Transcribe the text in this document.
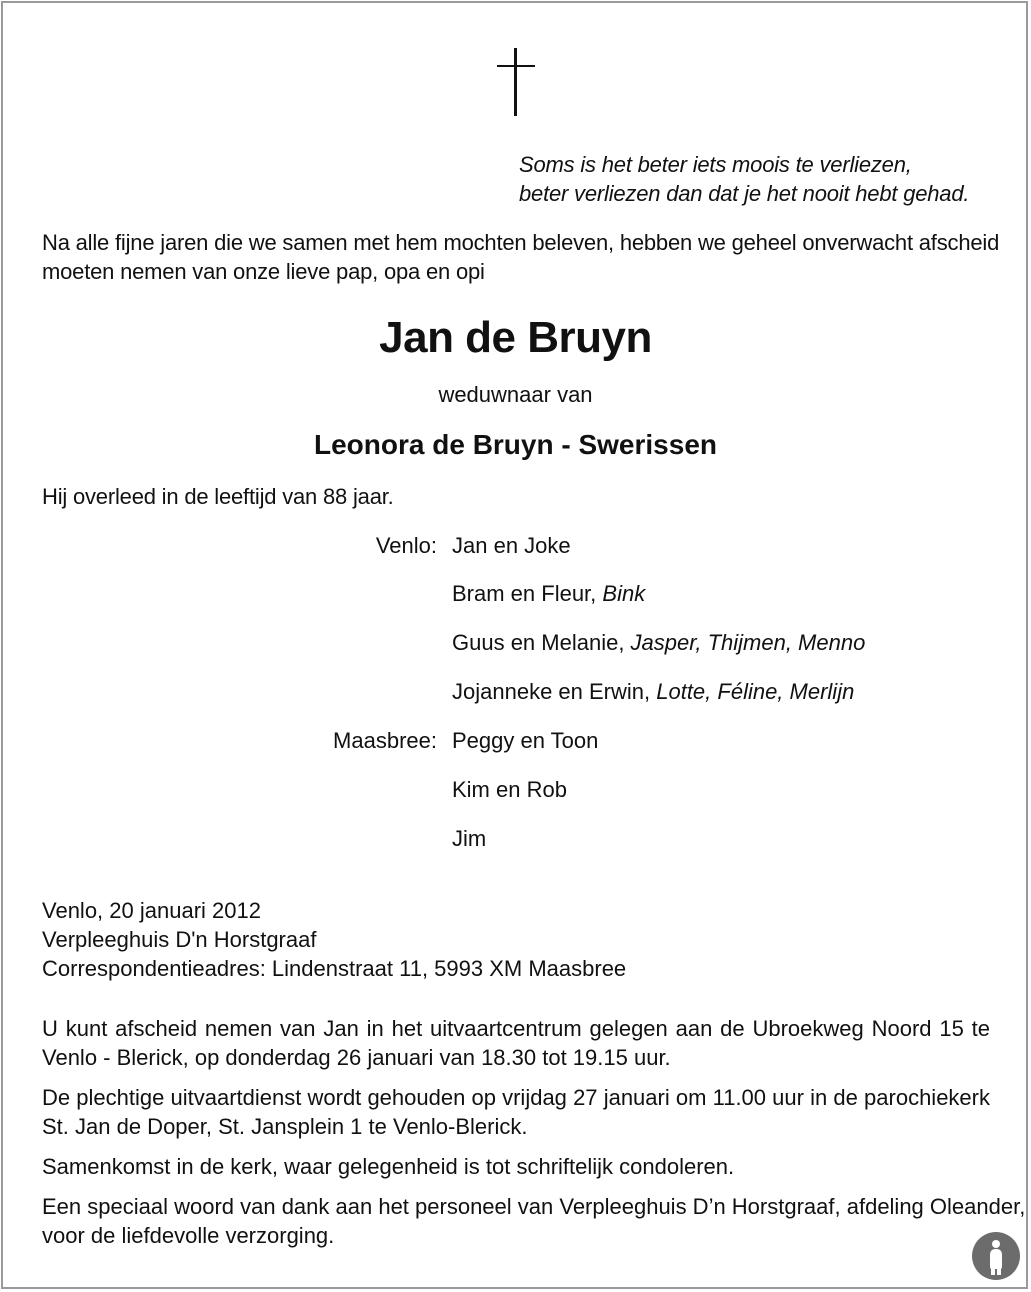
Soms is het beter iets moois te verliezen,
beter verliezen dan dat je het nooit hebt gehad.
Na alle fijne jaren die we samen met hem mochten beleven, hebben we geheel onverwacht afscheid
moeten nemen van onze lieve pap, opa en opi
Jan de Bruyn
weduwnaar van
Leonora de Bruyn - Swerissen
Hij overleed in de leeftijd van 88 jaar.
Venlo: Jan en Joke
Bram en Fleur, Bink
Guus en Melanie, Jasper, Thijmen, Menno
Jojanneke en Erwin, Lotte, Féline, Merlijn
Maasbree: Peggy en Toon
Kim en Rob
Jim
Venlo, 20 januari 2012
Verpleeghuis D'n Horstgraaf
Correspondentieadres: Lindenstraat 11, 5993 XM Maasbree
U kunt afscheid nemen van Jan in het uitvaartcentrum gelegen aan de Ubroekweg Noord 15 te
Venlo - Blerick, op donderdag 26 januari van 18.30 tot 19.15 uur.
De plechtige uitvaartdienst wordt gehouden op vrijdag 27 januari om 11.00 uur in de parochiekerk
St. Jan de Doper, St. Jansplein 1 te Venlo-Blerick.
Samenkomst in de kerk, waar gelegenheid is tot schriftelijk condoleren.
Een speciaal woord van dank aan het personeel van Verpleeghuis D’n Horstgraaf, afdeling Oleander,
voor de liefdevolle verzorging.
